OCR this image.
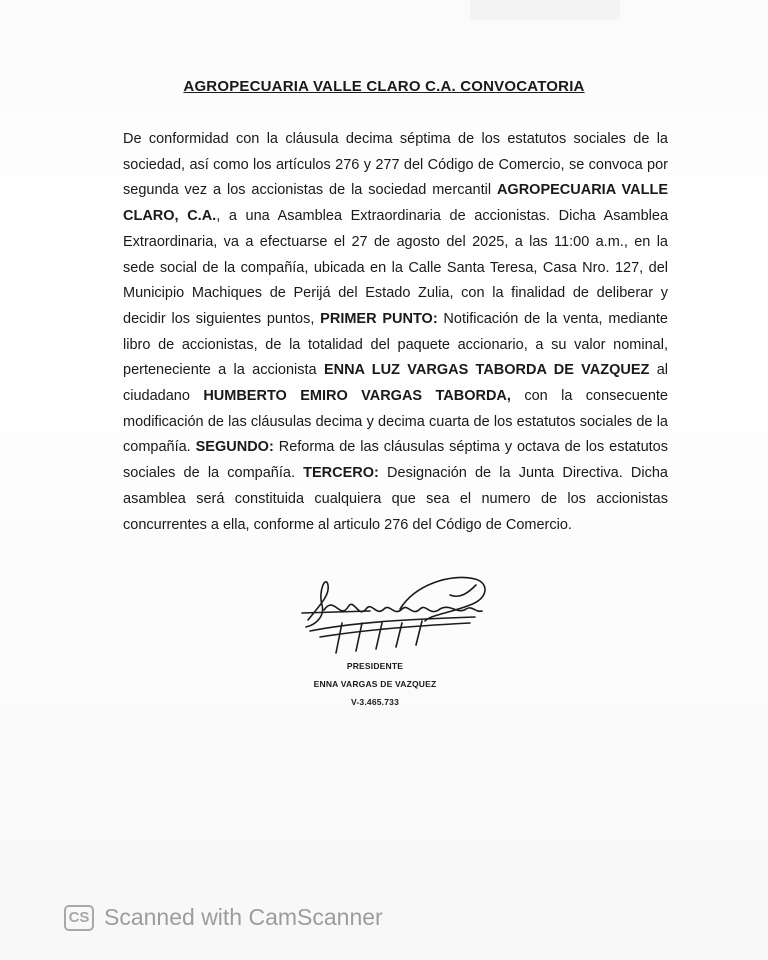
AGROPECUARIA VALLE CLARO C.A. CONVOCATORIA
De conformidad con la cláusula decima séptima de los estatutos sociales de la sociedad, así como los artículos 276 y 277 del Código de Comercio, se convoca por segunda vez a los accionistas de la sociedad mercantil AGROPECUARIA VALLE CLARO, C.A., a una Asamblea Extraordinaria de accionistas. Dicha Asamblea Extraordinaria, va a efectuarse el 27 de agosto del 2025, a las 11:00 a.m., en la sede social de la compañía, ubicada en la Calle Santa Teresa, Casa Nro. 127, del Municipio Machiques de Perijá del Estado Zulia, con la finalidad de deliberar y decidir los siguientes puntos, PRIMER PUNTO: Notificación de la venta, mediante libro de accionistas, de la totalidad del paquete accionario, a su valor nominal, perteneciente a la accionista ENNA LUZ VARGAS TABORDA DE VAZQUEZ al ciudadano HUMBERTO EMIRO VARGAS TABORDA, con la consecuente modificación de las cláusulas decima y decima cuarta de los estatutos sociales de la compañía. SEGUNDO: Reforma de las cláusulas séptima y octava de los estatutos sociales de la compañía. TERCERO: Designación de la Junta Directiva. Dicha asamblea será constituida cualquiera que sea el numero de los accionistas concurrentes a ella, conforme al articulo 276 del Código de Comercio.
PRESIDENTE
ENNA VARGAS DE VAZQUEZ
V-3.465.733
CS Scanned with CamScanner
